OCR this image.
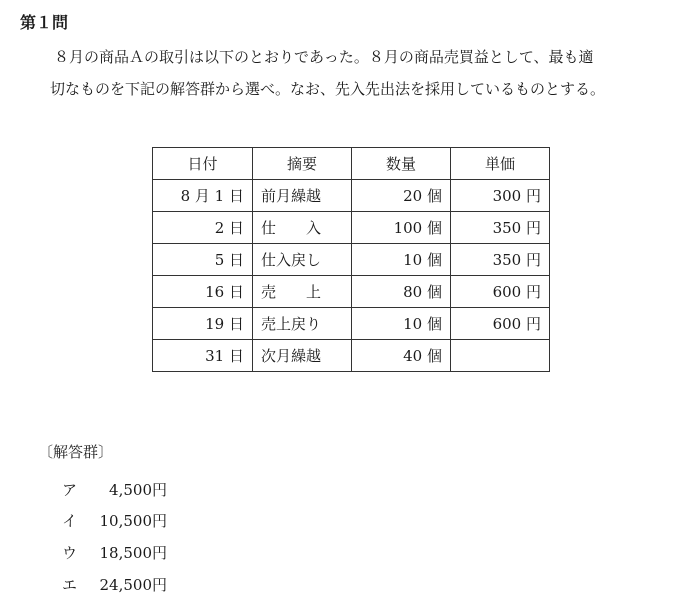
第１問
８月の商品Ａの取引は以下のとおりであった。８月の商品売買益として、最も適
切なものを下記の解答群から選べ。なお、先入先出法を採用しているものとする。
日付	摘要	数量	単価
8 月 1 日	前月繰越	20 個	300 円
2 日	仕　　入	100 個	350 円
5 日	仕入戻し	10 個	350 円
16 日	売　　上	80 個	600 円
19 日	売上戻り	10 個	600 円
31 日	次月繰越	40 個	
〔解答群〕
ア 4,500円
イ 10,500円
ウ 18,500円
エ 24,500円
